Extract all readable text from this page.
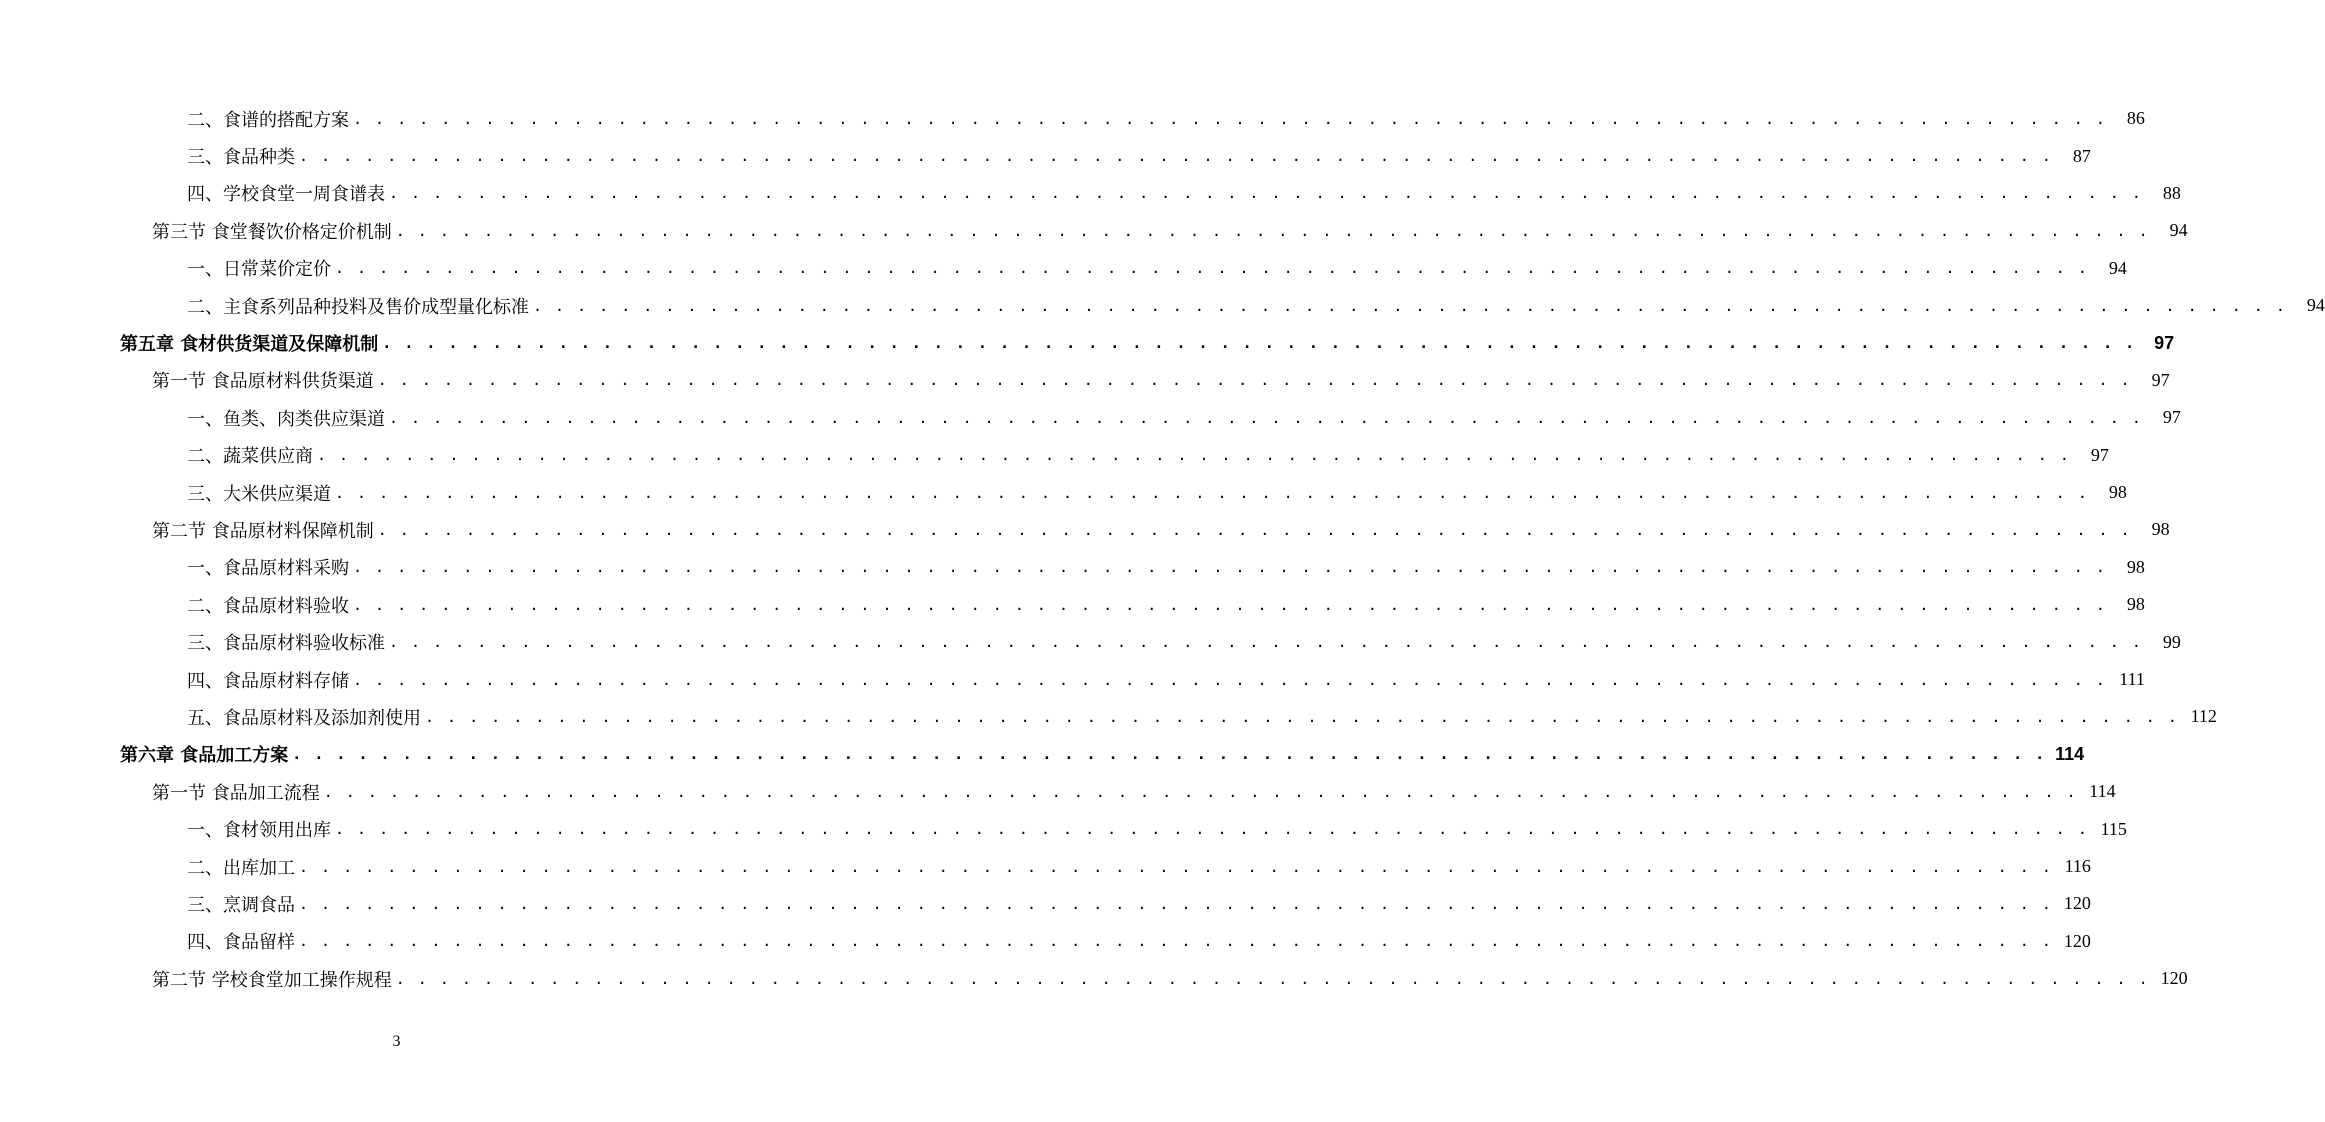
二、食谱的搭配方案 . . . . . . . . . . . . . . . . . . . . . . . . . . . . . . . . . . . . . . . . . . . . . . . . . . . . . . . . . . . . . . . . . . . . . . . . . . . . . . . .	86
三、食品种类 . . . . . . . . . . . . . . . . . . . . . . . . . . . . . . . . . . . . . . . . . . . . . . . . . . . . . . . . . . . . . . . . . . . . . . . . . . . . . . . .	87
四、学校食堂一周食谱表 . . . . . . . . . . . . . . . . . . . . . . . . . . . . . . . . . . . . . . . . . . . . . . . . . . . . . . . . . . . . . . . . . . . . . . . . . . . . . . . .	88
第三节 食堂餐饮价格定价机制 . . . . . . . . . . . . . . . . . . . . . . . . . . . . . . . . . . . . . . . . . . . . . . . . . . . . . . . . . . . . . . . . . . . . . . . . . . . . . . . .	94
一、日常菜价定价 . . . . . . . . . . . . . . . . . . . . . . . . . . . . . . . . . . . . . . . . . . . . . . . . . . . . . . . . . . . . . . . . . . . . . . . . . . . . . . . .	94
二、主食系列品种投料及售价成型量化标准 . . . . . . . . . . . . . . . . . . . . . . . . . . . . . . . . . . . . . . . . . . . . . . . . . . . . . . . . . . . . . . . . . . . . . . . . . . . . . . . .	94
第五章 食材供货渠道及保障机制 . . . . . . . . . . . . . . . . . . . . . . . . . . . . . . . . . . . . . . . . . . . . . . . . . . . . . . . . . . . . . . . . . . . . . . . . . . . . . . . . 97
第一节 食品原材料供货渠道 . . . . . . . . . . . . . . . . . . . . . . . . . . . . . . . . . . . . . . . . . . . . . . . . . . . . . . . . . . . . . . . . . . . . . . . . . . . . . . . .	97
一、鱼类、肉类供应渠道 . . . . . . . . . . . . . . . . . . . . . . . . . . . . . . . . . . . . . . . . . . . . . . . . . . . . . . . . . . . . . . . . . . . . . . . . . . . . . . . .	97
二、蔬菜供应商 . . . . . . . . . . . . . . . . . . . . . . . . . . . . . . . . . . . . . . . . . . . . . . . . . . . . . . . . . . . . . . . . . . . . . . . . . . . . . . . .	97
三、大米供应渠道 . . . . . . . . . . . . . . . . . . . . . . . . . . . . . . . . . . . . . . . . . . . . . . . . . . . . . . . . . . . . . . . . . . . . . . . . . . . . . . . .	98
第二节 食品原材料保障机制 . . . . . . . . . . . . . . . . . . . . . . . . . . . . . . . . . . . . . . . . . . . . . . . . . . . . . . . . . . . . . . . . . . . . . . . . . . . . . . . .	98
一、食品原材料采购 . . . . . . . . . . . . . . . . . . . . . . . . . . . . . . . . . . . . . . . . . . . . . . . . . . . . . . . . . . . . . . . . . . . . . . . . . . . . . . . .	98
二、食品原材料验收 . . . . . . . . . . . . . . . . . . . . . . . . . . . . . . . . . . . . . . . . . . . . . . . . . . . . . . . . . . . . . . . . . . . . . . . . . . . . . . . .	98
三、食品原材料验收标准 . . . . . . . . . . . . . . . . . . . . . . . . . . . . . . . . . . . . . . . . . . . . . . . . . . . . . . . . . . . . . . . . . . . . . . . . . . . . . . . .	99
四、食品原材料存储 . . . . . . . . . . . . . . . . . . . . . . . . . . . . . . . . . . . . . . . . . . . . . . . . . . . . . . . . . . . . . . . . . . . . . . . . . . . . . . . . 111
五、食品原材料及添加剂使用 . . . . . . . . . . . . . . . . . . . . . . . . . . . . . . . . . . . . . . . . . . . . . . . . . . . . . . . . . . . . . . . . . . . . . . . . . . . . . . . . 112
第六章 食品加工方案 . . . . . . . . . . . . . . . . . . . . . . . . . . . . . . . . . . . . . . . . . . . . . . . . . . . . . . . . . . . . . . . . . . . . . . . . . . . . . . . . 114
第一节 食品加工流程 . . . . . . . . . . . . . . . . . . . . . . . . . . . . . . . . . . . . . . . . . . . . . . . . . . . . . . . . . . . . . . . . . . . . . . . . . . . . . . . . 114
一、食材领用出库 . . . . . . . . . . . . . . . . . . . . . . . . . . . . . . . . . . . . . . . . . . . . . . . . . . . . . . . . . . . . . . . . . . . . . . . . . . . . . . . . 115
二、出库加工 . . . . . . . . . . . . . . . . . . . . . . . . . . . . . . . . . . . . . . . . . . . . . . . . . . . . . . . . . . . . . . . . . . . . . . . . . . . . . . . . 116
三、烹调食品 . . . . . . . . . . . . . . . . . . . . . . . . . . . . . . . . . . . . . . . . . . . . . . . . . . . . . . . . . . . . . . . . . . . . . . . . . . . . . . . . 120
四、食品留样 . . . . . . . . . . . . . . . . . . . . . . . . . . . . . . . . . . . . . . . . . . . . . . . . . . . . . . . . . . . . . . . . . . . . . . . . . . . . . . . . 120
第二节 学校食堂加工操作规程 . . . . . . . . . . . . . . . . . . . . . . . . . . . . . . . . . . . . . . . . . . . . . . . . . . . . . . . . . . . . . . . . . . . . . . . . . . . . . . . . 120
3
